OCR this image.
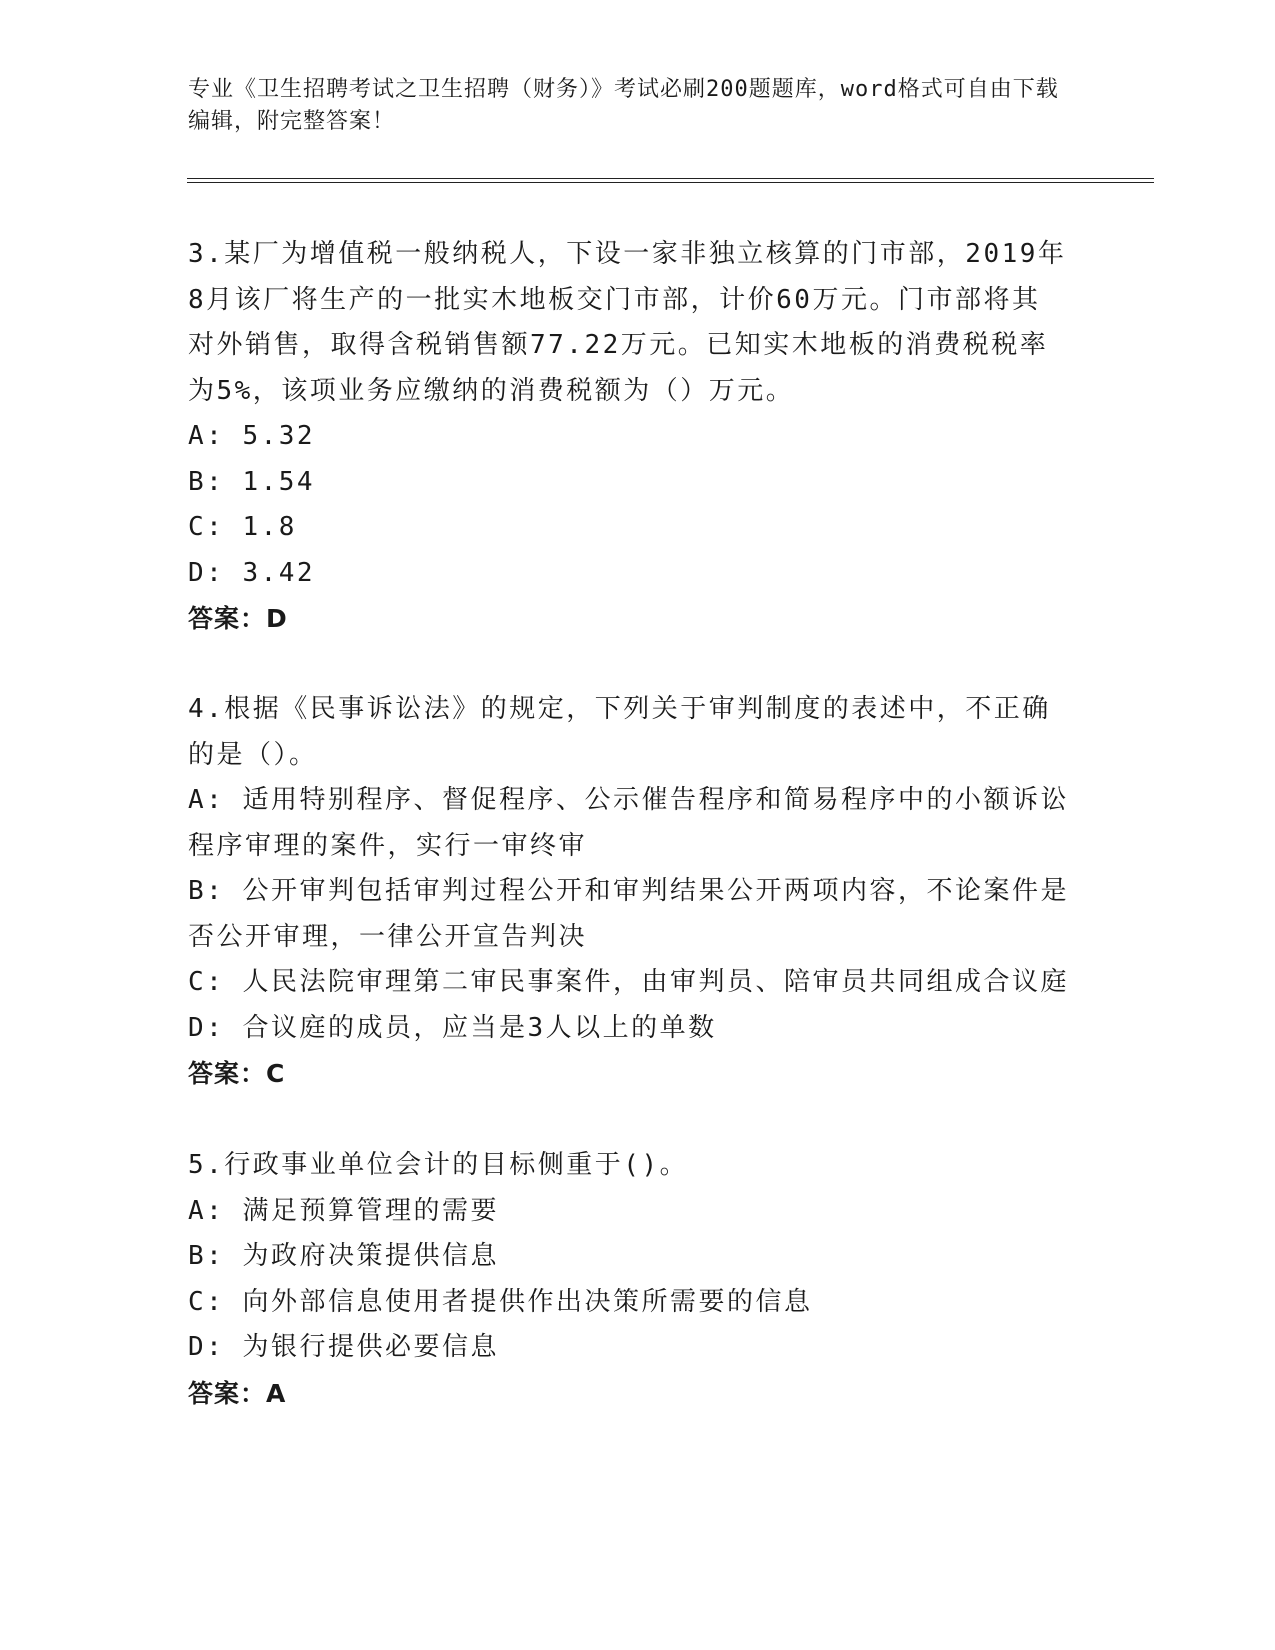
专业《卫生招聘考试之卫生招聘（财务）》考试必刷200题题库，word格式可自由下载编辑，附完整答案！

3.某厂为增值税一般纳税人，下设一家非独立核算的门市部，2019年8月该厂将生产的一批实木地板交门市部，计价60万元。门市部将其对外销售，取得含税销售额77.22万元。已知实木地板的消费税税率为5%，该项业务应缴纳的消费税额为（）万元。

A: 5.32

B: 1.54

C: 1.8

D: 3.42

答案：D

4.根据《民事诉讼法》的规定，下列关于审判制度的表述中，不正确的是（）。

A: 适用特别程序、督促程序、公示催告程序和简易程序中的小额诉讼程序审理的案件，实行一审终审

B: 公开审判包括审判过程公开和审判结果公开两项内容，不论案件是否公开审理，一律公开宣告判决

C: 人民法院审理第二审民事案件，由审判员、陪审员共同组成合议庭

D: 合议庭的成员，应当是3人以上的单数

答案：C

5.行政事业单位会计的目标侧重于()。

A: 满足预算管理的需要

B: 为政府决策提供信息

C: 向外部信息使用者提供作出决策所需要的信息

D: 为银行提供必要信息

答案：A
